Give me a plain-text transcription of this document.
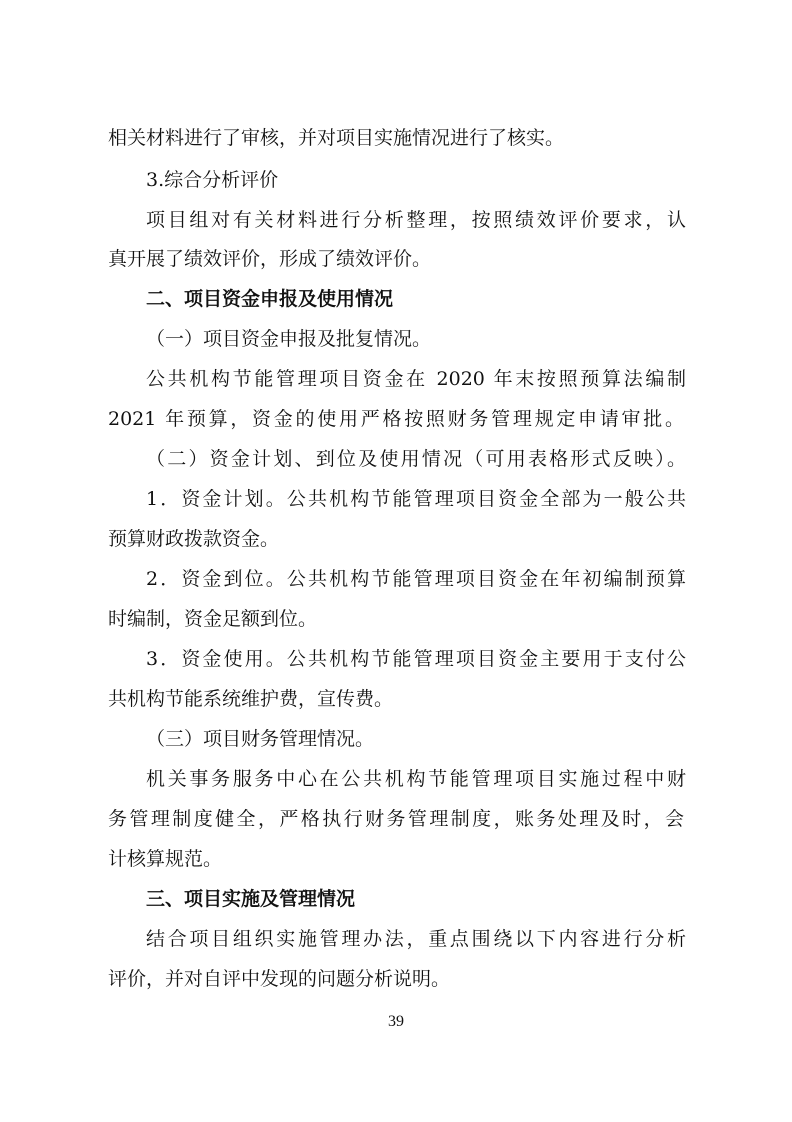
相关材料进行了审核，并对项目实施情况进行了核实。
3.综合分析评价
项目组对有关材料进行分析整理，按照绩效评价要求，认
真开展了绩效评价，形成了绩效评价。
二、项目资金申报及使用情况
（一）项目资金申报及批复情况。
公共机构节能管理项目资金在 2020 年末按照预算法编制
2021 年预算，资金的使用严格按照财务管理规定申请审批。
（二）资金计划、到位及使用情况（可用表格形式反映）。
1．资金计划。公共机构节能管理项目资金全部为一般公共
预算财政拨款资金。
2．资金到位。公共机构节能管理项目资金在年初编制预算
时编制，资金足额到位。
3．资金使用。公共机构节能管理项目资金主要用于支付公
共机构节能系统维护费，宣传费。
（三）项目财务管理情况。
机关事务服务中心在公共机构节能管理项目实施过程中财
务管理制度健全，严格执行财务管理制度，账务处理及时，会
计核算规范。
三、项目实施及管理情况
结合项目组织实施管理办法，重点围绕以下内容进行分析
评价，并对自评中发现的问题分析说明。
39
